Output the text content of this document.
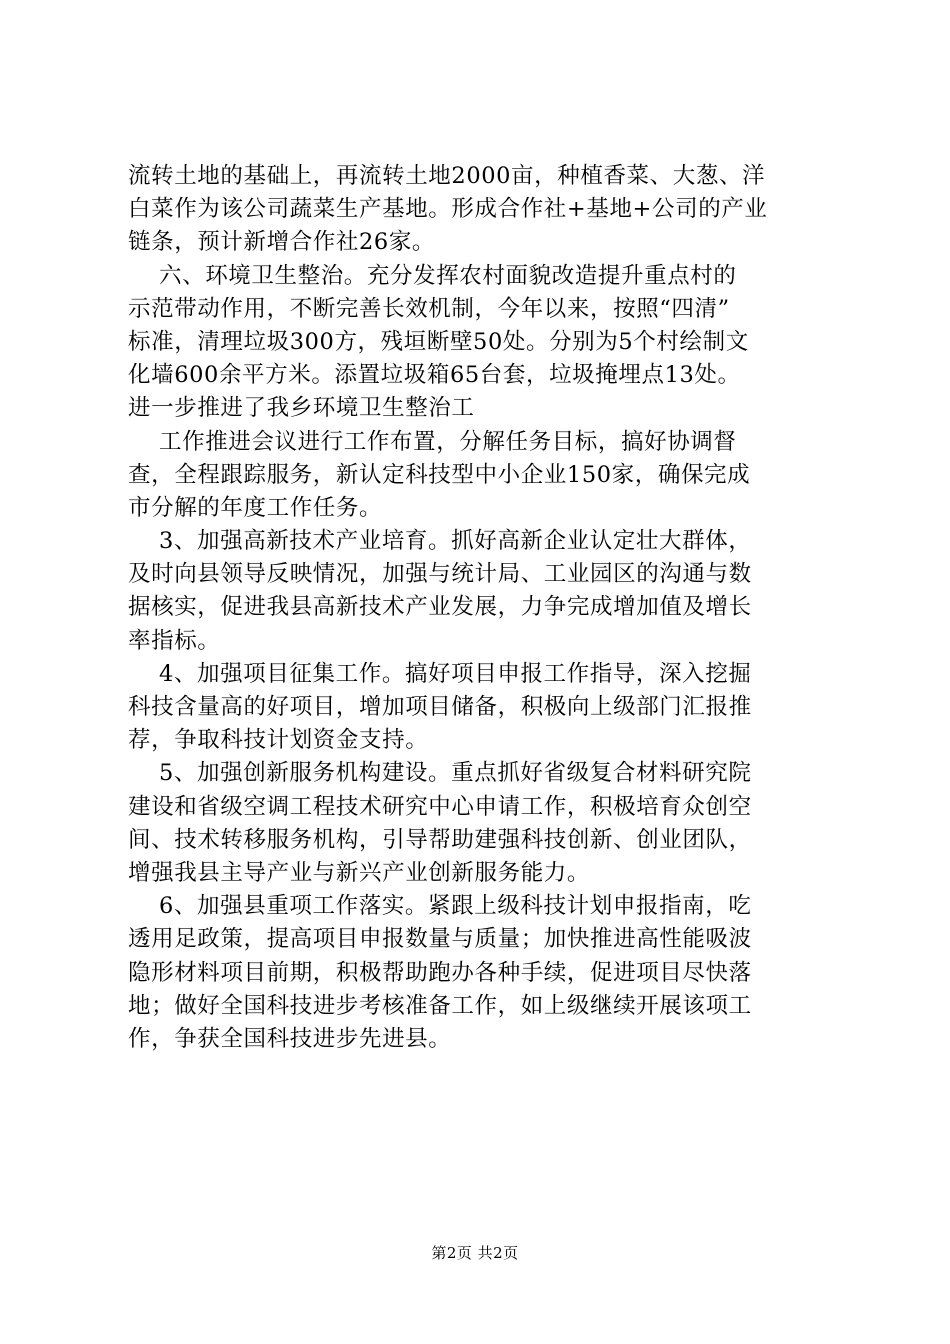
流转土地的基础上，再流转土地2000亩，种植香菜、大葱、洋
白菜作为该公司蔬菜生产基地。形成合作社+基地+公司的产业
链条，预计新增合作社26家。
六、环境卫生整治。充分发挥农村面貌改造提升重点村的
示范带动作用，不断完善长效机制，今年以来，按照“四清”
标准，清理垃圾300方，残垣断壁50处。分别为5个村绘制文
化墙600余平方米。添置垃圾箱65台套，垃圾掩埋点13处。
进一步推进了我乡环境卫生整治工
工作推进会议进行工作布置，分解任务目标，搞好协调督
查，全程跟踪服务，新认定科技型中小企业150家，确保完成
市分解的年度工作任务。
3、加强高新技术产业培育。抓好高新企业认定壮大群体，
及时向县领导反映情况，加强与统计局、工业园区的沟通与数
据核实，促进我县高新技术产业发展，力争完成增加值及增长
率指标。
4、加强项目征集工作。搞好项目申报工作指导，深入挖掘
科技含量高的好项目，增加项目储备，积极向上级部门汇报推
荐，争取科技计划资金支持。
5、加强创新服务机构建设。重点抓好省级复合材料研究院
建设和省级空调工程技术研究中心申请工作，积极培育众创空
间、技术转移服务机构，引导帮助建强科技创新、创业团队，
增强我县主导产业与新兴产业创新服务能力。
6、加强县重项工作落实。紧跟上级科技计划申报指南，吃
透用足政策，提高项目申报数量与质量；加快推进高性能吸波
隐形材料项目前期，积极帮助跑办各种手续，促进项目尽快落
地；做好全国科技进步考核准备工作，如上级继续开展该项工
作，争获全国科技进步先进县。
第2页 共2页
